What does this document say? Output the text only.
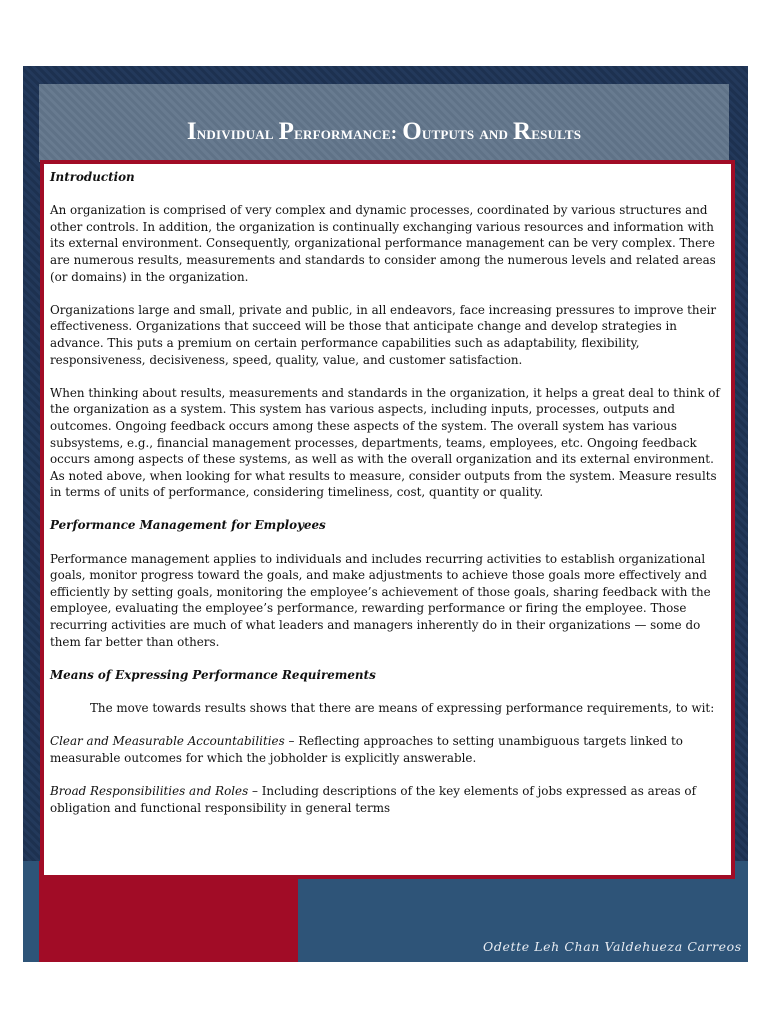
Individual Performance: Outputs and Results

Introduction

An organization is comprised of very complex and dynamic processes, coordinated by various structures and other controls. In addition, the organization is continually exchanging various resources and information with its external environment. Consequently, organizational performance management can be very complex. There are numerous results, measurements and standards to consider among the numerous levels and related areas (or domains) in the organization.

Organizations large and small, private and public, in all endeavors, face increasing pressures to improve their effectiveness. Organizations that succeed will be those that anticipate change and develop strategies in advance. This puts a premium on certain performance capabilities such as adaptability, flexibility, responsiveness, decisiveness, speed, quality, value, and customer satisfaction.

When thinking about results, measurements and standards in the organization, it helps a great deal to think of the organization as a system. This system has various aspects, including inputs, processes, outputs and outcomes. Ongoing feedback occurs among these aspects of the system. The overall system has various subsystems, e.g., financial management processes, departments, teams, employees, etc. Ongoing feedback occurs among aspects of these systems, as well as with the overall organization and its external environment.

As noted above, when looking for what results to measure, consider outputs from the system. Measure results in terms of units of performance, considering timeliness, cost, quantity or quality.

Performance Management for Employees

Performance management applies to individuals and includes recurring activities to establish organizational goals, monitor progress toward the goals, and make adjustments to achieve those goals more effectively and efficiently by setting goals, monitoring the employee’s achievement of those goals, sharing feedback with the employee, evaluating the employee’s performance, rewarding performance or firing the employee. Those recurring activities are much of what leaders and managers inherently do in their organizations — some do them far better than others.

Means of Expressing Performance Requirements

The move towards results shows that there are means of expressing performance requirements, to wit:

Clear and Measurable Accountabilities – Reflecting approaches to setting unambiguous targets linked to measurable outcomes for which the jobholder is explicitly answerable.

Broad Responsibilities and Roles – Including descriptions of the key elements of jobs expressed as areas of obligation and functional responsibility in general terms

Odette Leh Chan Valdehueza Carreos
